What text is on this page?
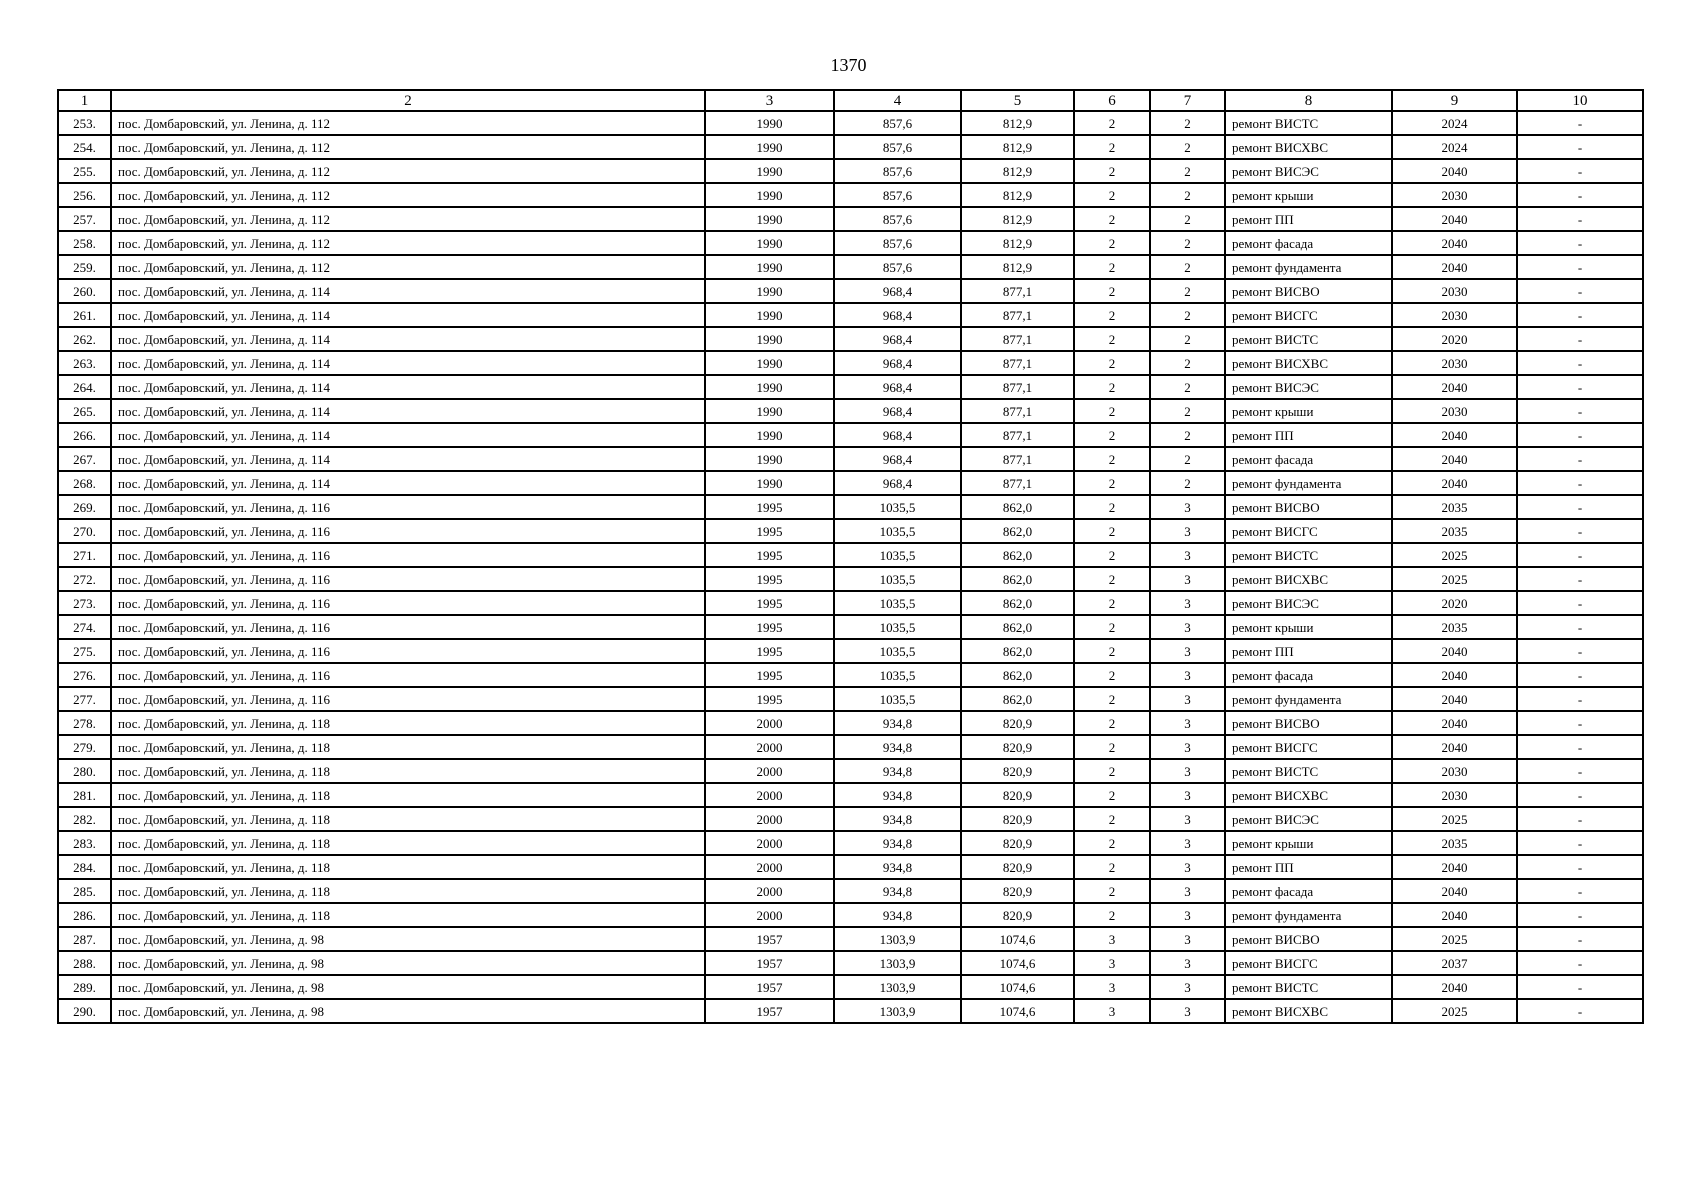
1370
1	2	3	4	5	6	7	8	9	10
253.	пос. Домбаровский, ул. Ленина, д. 112	1990	857,6	812,9	2	2	ремонт ВИСТС	2024	-
254.	пос. Домбаровский, ул. Ленина, д. 112	1990	857,6	812,9	2	2	ремонт ВИСХВС	2024	-
255.	пос. Домбаровский, ул. Ленина, д. 112	1990	857,6	812,9	2	2	ремонт ВИСЭС	2040	-
256.	пос. Домбаровский, ул. Ленина, д. 112	1990	857,6	812,9	2	2	ремонт крыши	2030	-
257.	пос. Домбаровский, ул. Ленина, д. 112	1990	857,6	812,9	2	2	ремонт ПП	2040	-
258.	пос. Домбаровский, ул. Ленина, д. 112	1990	857,6	812,9	2	2	ремонт фасада	2040	-
259.	пос. Домбаровский, ул. Ленина, д. 112	1990	857,6	812,9	2	2	ремонт фундамента	2040	-
260.	пос. Домбаровский, ул. Ленина, д. 114	1990	968,4	877,1	2	2	ремонт ВИСВО	2030	-
261.	пос. Домбаровский, ул. Ленина, д. 114	1990	968,4	877,1	2	2	ремонт ВИСГС	2030	-
262.	пос. Домбаровский, ул. Ленина, д. 114	1990	968,4	877,1	2	2	ремонт ВИСТС	2020	-
263.	пос. Домбаровский, ул. Ленина, д. 114	1990	968,4	877,1	2	2	ремонт ВИСХВС	2030	-
264.	пос. Домбаровский, ул. Ленина, д. 114	1990	968,4	877,1	2	2	ремонт ВИСЭС	2040	-
265.	пос. Домбаровский, ул. Ленина, д. 114	1990	968,4	877,1	2	2	ремонт крыши	2030	-
266.	пос. Домбаровский, ул. Ленина, д. 114	1990	968,4	877,1	2	2	ремонт ПП	2040	-
267.	пос. Домбаровский, ул. Ленина, д. 114	1990	968,4	877,1	2	2	ремонт фасада	2040	-
268.	пос. Домбаровский, ул. Ленина, д. 114	1990	968,4	877,1	2	2	ремонт фундамента	2040	-
269.	пос. Домбаровский, ул. Ленина, д. 116	1995	1035,5	862,0	2	3	ремонт ВИСВО	2035	-
270.	пос. Домбаровский, ул. Ленина, д. 116	1995	1035,5	862,0	2	3	ремонт ВИСГС	2035	-
271.	пос. Домбаровский, ул. Ленина, д. 116	1995	1035,5	862,0	2	3	ремонт ВИСТС	2025	-
272.	пос. Домбаровский, ул. Ленина, д. 116	1995	1035,5	862,0	2	3	ремонт ВИСХВС	2025	-
273.	пос. Домбаровский, ул. Ленина, д. 116	1995	1035,5	862,0	2	3	ремонт ВИСЭС	2020	-
274.	пос. Домбаровский, ул. Ленина, д. 116	1995	1035,5	862,0	2	3	ремонт крыши	2035	-
275.	пос. Домбаровский, ул. Ленина, д. 116	1995	1035,5	862,0	2	3	ремонт ПП	2040	-
276.	пос. Домбаровский, ул. Ленина, д. 116	1995	1035,5	862,0	2	3	ремонт фасада	2040	-
277.	пос. Домбаровский, ул. Ленина, д. 116	1995	1035,5	862,0	2	3	ремонт фундамента	2040	-
278.	пос. Домбаровский, ул. Ленина, д. 118	2000	934,8	820,9	2	3	ремонт ВИСВО	2040	-
279.	пос. Домбаровский, ул. Ленина, д. 118	2000	934,8	820,9	2	3	ремонт ВИСГС	2040	-
280.	пос. Домбаровский, ул. Ленина, д. 118	2000	934,8	820,9	2	3	ремонт ВИСТС	2030	-
281.	пос. Домбаровский, ул. Ленина, д. 118	2000	934,8	820,9	2	3	ремонт ВИСХВС	2030	-
282.	пос. Домбаровский, ул. Ленина, д. 118	2000	934,8	820,9	2	3	ремонт ВИСЭС	2025	-
283.	пос. Домбаровский, ул. Ленина, д. 118	2000	934,8	820,9	2	3	ремонт крыши	2035	-
284.	пос. Домбаровский, ул. Ленина, д. 118	2000	934,8	820,9	2	3	ремонт ПП	2040	-
285.	пос. Домбаровский, ул. Ленина, д. 118	2000	934,8	820,9	2	3	ремонт фасада	2040	-
286.	пос. Домбаровский, ул. Ленина, д. 118	2000	934,8	820,9	2	3	ремонт фундамента	2040	-
287.	пос. Домбаровский, ул. Ленина, д. 98	1957	1303,9	1074,6	3	3	ремонт ВИСВО	2025	-
288.	пос. Домбаровский, ул. Ленина, д. 98	1957	1303,9	1074,6	3	3	ремонт ВИСГС	2037	-
289.	пос. Домбаровский, ул. Ленина, д. 98	1957	1303,9	1074,6	3	3	ремонт ВИСТС	2040	-
290.	пос. Домбаровский, ул. Ленина, д. 98	1957	1303,9	1074,6	3	3	ремонт ВИСХВС	2025	-
